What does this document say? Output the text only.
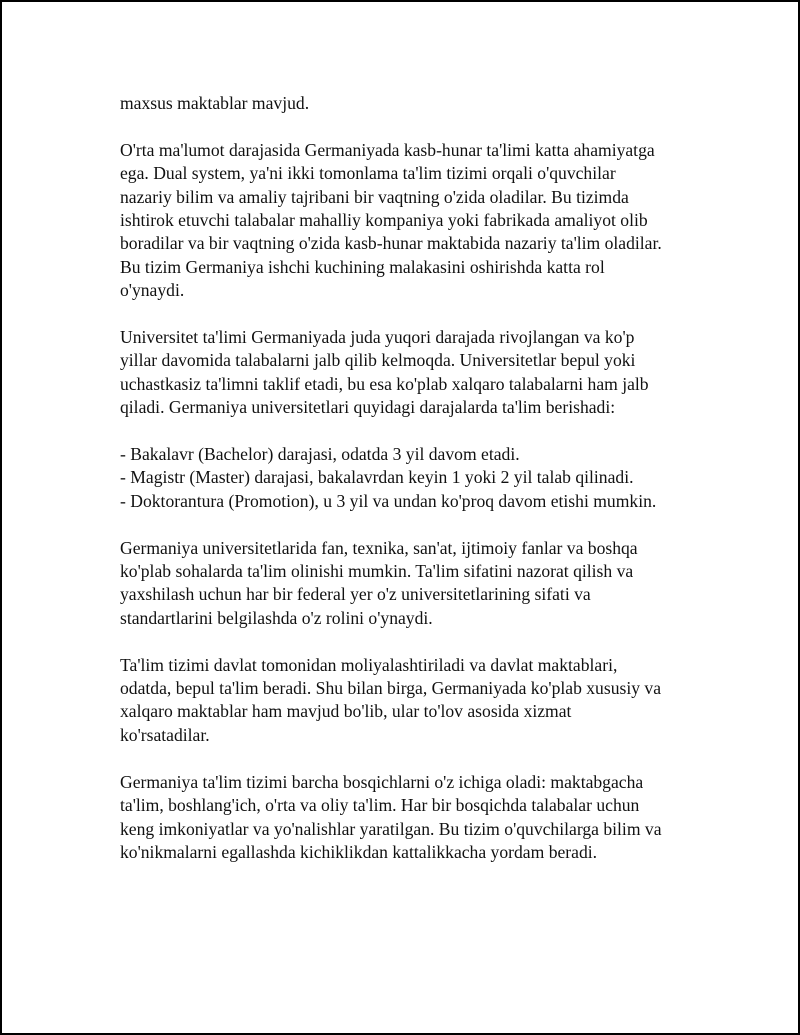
maxsus maktablar mavjud.

O'rta ma'lumot darajasida Germaniyada kasb-hunar ta'limi katta ahamiyatga
ega. Dual system, ya'ni ikki tomonlama ta'lim tizimi orqali o'quvchilar
nazariy bilim va amaliy tajribani bir vaqtning o'zida oladilar. Bu tizimda
ishtirok etuvchi talabalar mahalliy kompaniya yoki fabrikada amaliyot olib
boradilar va bir vaqtning o'zida kasb-hunar maktabida nazariy ta'lim oladilar.
Bu tizim Germaniya ishchi kuchining malakasini oshirishda katta rol
o'ynaydi.

Universitet ta'limi Germaniyada juda yuqori darajada rivojlangan va ko'p
yillar davomida talabalarni jalb qilib kelmoqda. Universitetlar bepul yoki
uchastkasiz ta'limni taklif etadi, bu esa ko'plab xalqaro talabalarni ham jalb
qiladi. Germaniya universitetlari quyidagi darajalarda ta'lim berishadi:

- Bakalavr (Bachelor) darajasi, odatda 3 yil davom etadi.
- Magistr (Master) darajasi, bakalavrdan keyin 1 yoki 2 yil talab qilinadi.
- Doktorantura (Promotion), u 3 yil va undan ko'proq davom etishi mumkin.

Germaniya universitetlarida fan, texnika, san'at, ijtimoiy fanlar va boshqa
ko'plab sohalarda ta'lim olinishi mumkin. Ta'lim sifatini nazorat qilish va
yaxshilash uchun har bir federal yer o'z universitetlarining sifati va
standartlarini belgilashda o'z rolini o'ynaydi.

Ta'lim tizimi davlat tomonidan moliyalashtiriladi va davlat maktablari,
odatda, bepul ta'lim beradi. Shu bilan birga, Germaniyada ko'plab xususiy va
xalqaro maktablar ham mavjud bo'lib, ular to'lov asosida xizmat
ko'rsatadilar.

Germaniya ta'lim tizimi barcha bosqichlarni o'z ichiga oladi: maktabgacha
ta'lim, boshlang'ich, o'rta va oliy ta'lim. Har bir bosqichda talabalar uchun
keng imkoniyatlar va yo'nalishlar yaratilgan. Bu tizim o'quvchilarga bilim va
ko'nikmalarni egallashda kichiklikdan kattalikkacha yordam beradi.
